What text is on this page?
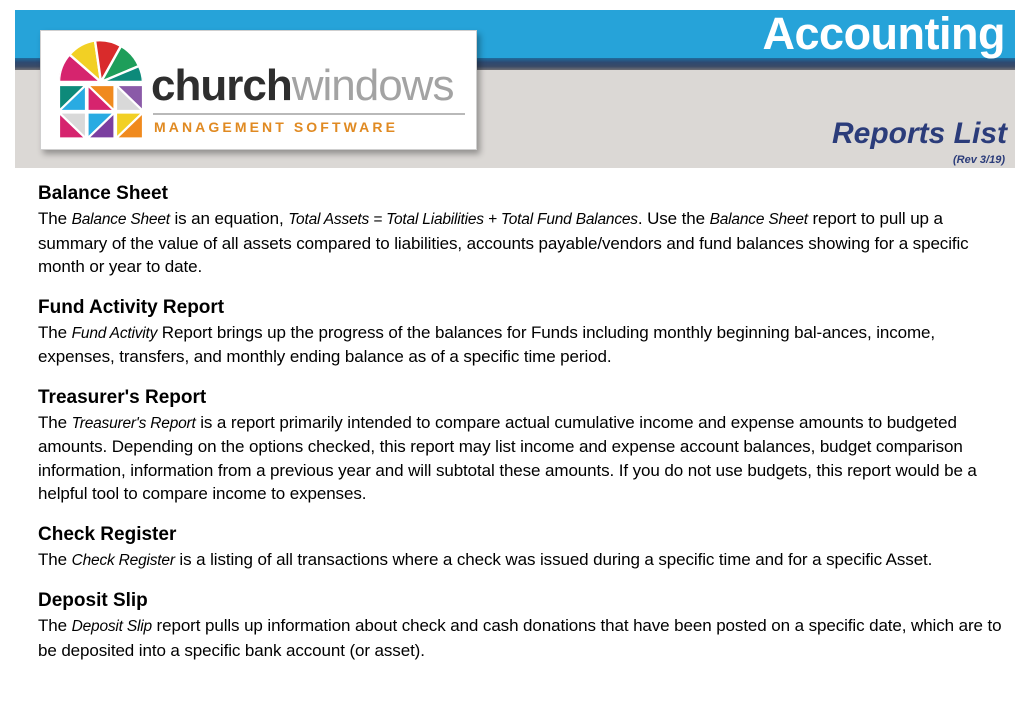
Accounting
Reports List
(Rev 3/19)
churchwindows
MANAGEMENT SOFTWARE
Balance Sheet
The Balance Sheet is an equation, Total Assets = Total Liabilities + Total Fund Balances. Use the Balance Sheet report to pull up a summary of the value of all assets compared to liabilities, accounts payable/vendors and fund balances showing for a specific month or year to date.
Fund Activity Report
The Fund Activity Report brings up the progress of the balances for Funds including monthly beginning bal-ances, income, expenses, transfers, and monthly ending balance as of a specific time period.
Treasurer's Report
The Treasurer's Report is a report primarily intended to compare actual cumulative income and expense amounts to budgeted amounts. Depending on the options checked, this report may list income and expense account balances, budget comparison information, information from a previous year and will subtotal these amounts. If you do not use budgets, this report would be a helpful tool to compare income to expenses.
Check Register
The Check Register is a listing of all transactions where a check was issued during a specific time and for a specific Asset.
Deposit Slip
The Deposit Slip report pulls up information about check and cash donations that have been posted on a specific date, which are to be deposited into a specific bank account (or asset).
